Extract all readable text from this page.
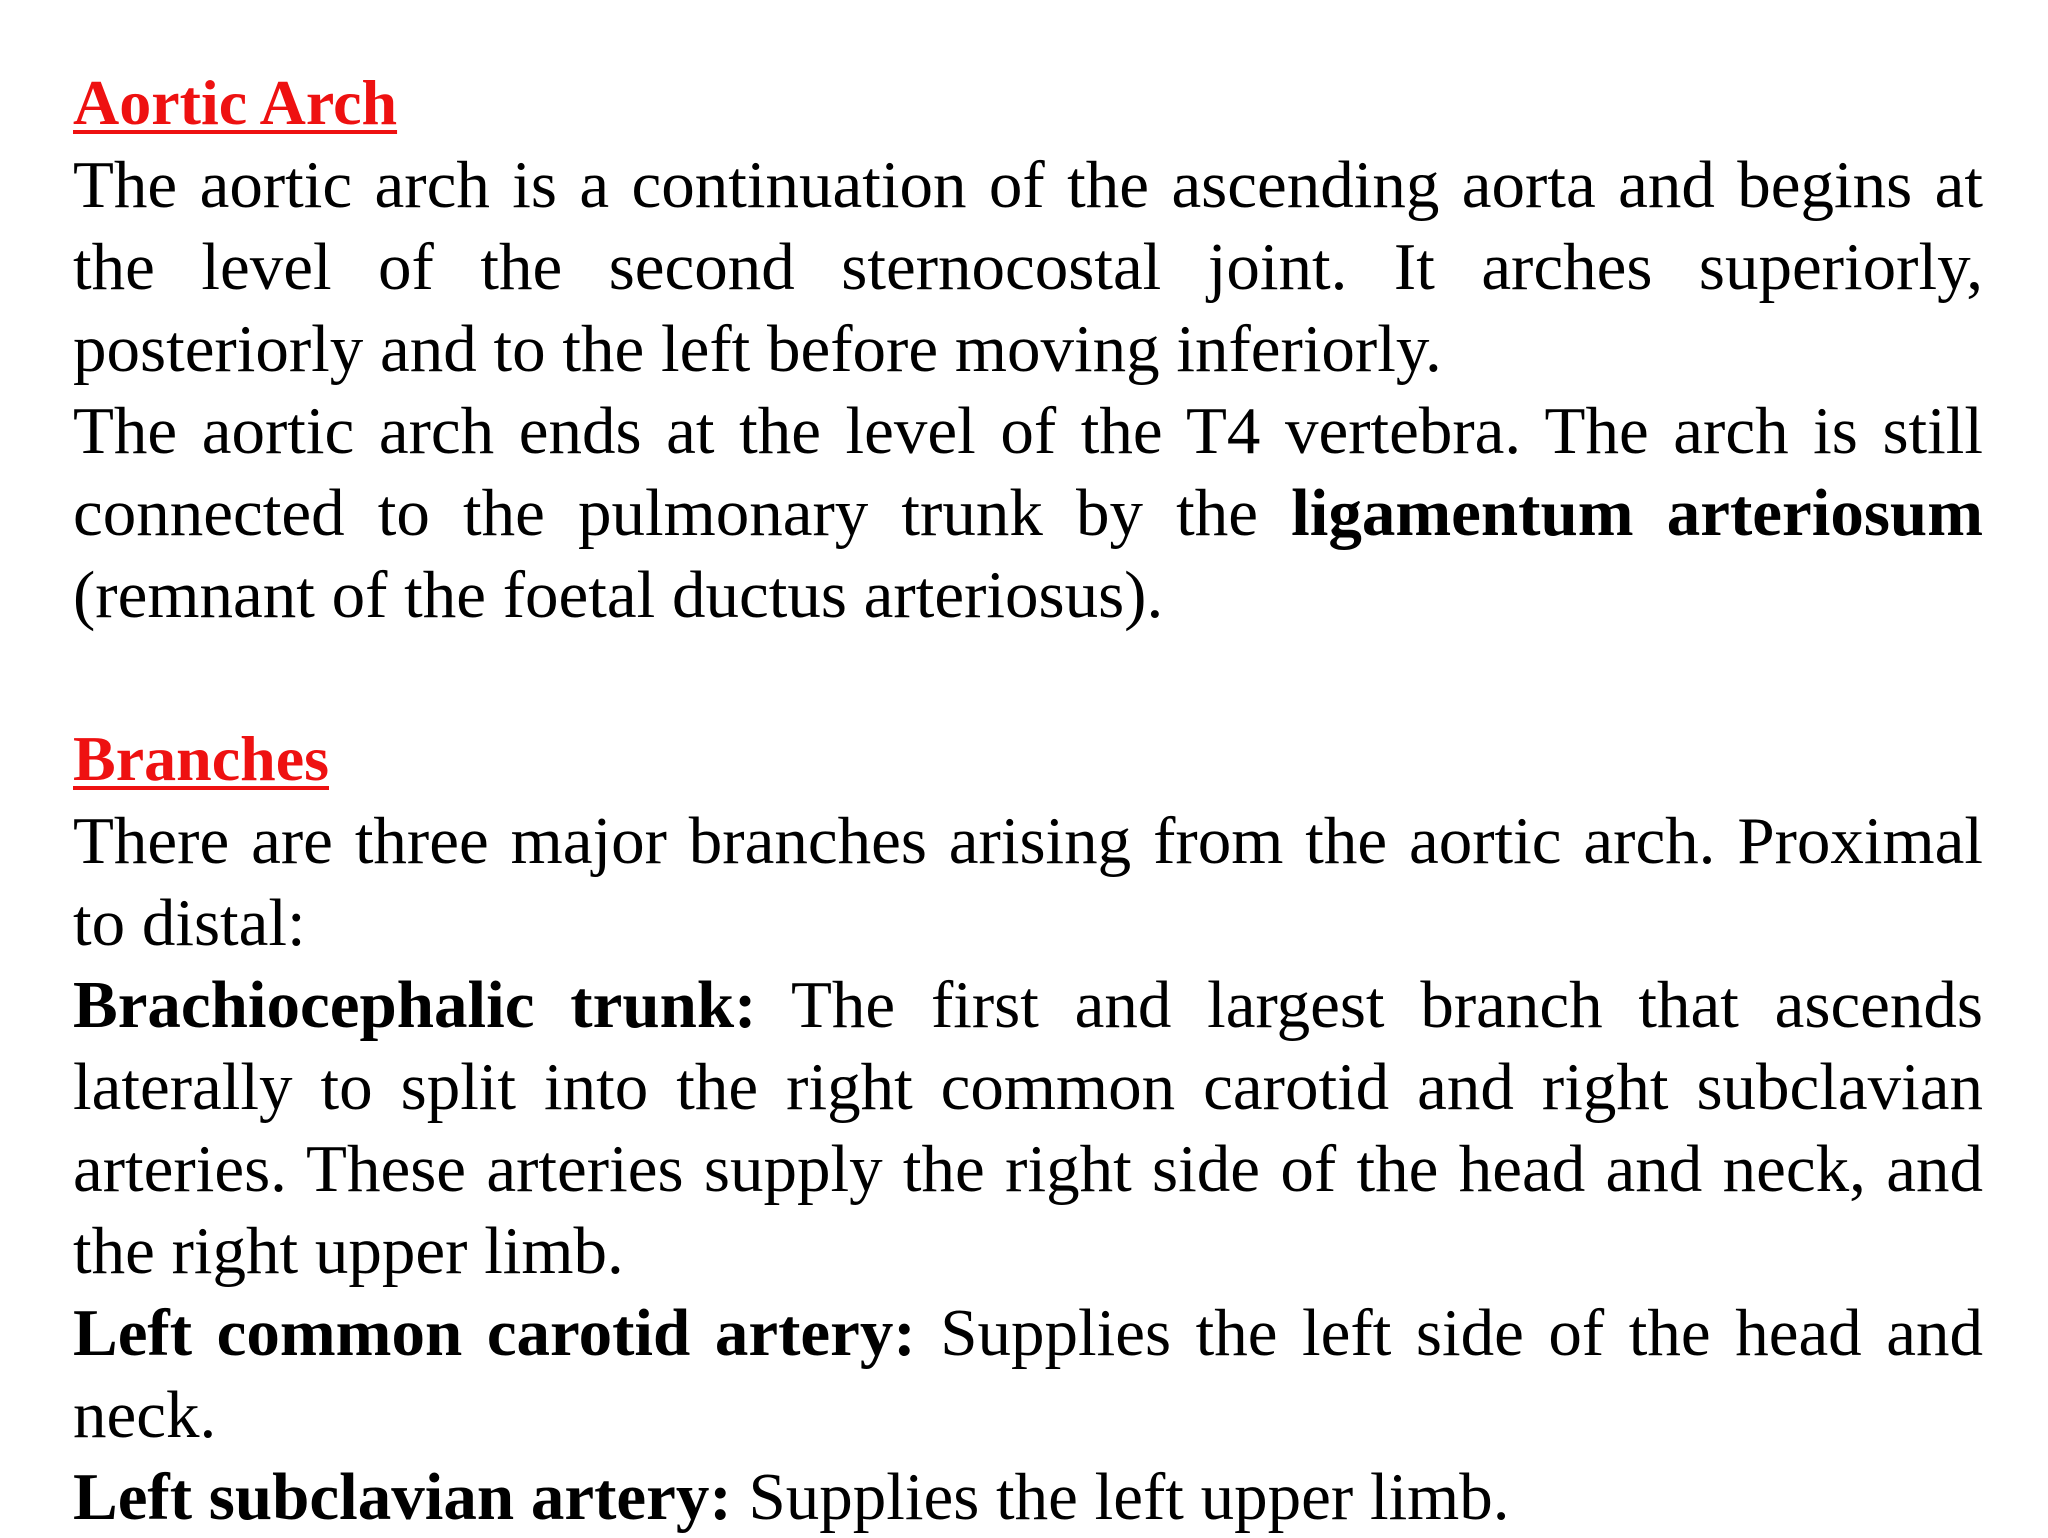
Aortic Arch

The aortic arch is a continuation of the ascending aorta and begins at the level of the second sternocostal joint. It arches superiorly, posteriorly and to the left before moving inferiorly.

The aortic arch ends at the level of the T4 vertebra. The arch is still connected to the pulmonary trunk by the ligamentum arteriosum (remnant of the foetal ductus arteriosus).

Branches

There are three major branches arising from the aortic arch. Proximal to distal:

Brachiocephalic trunk: The first and largest branch that ascends laterally to split into the right common carotid and right subclavian arteries. These arteries supply the right side of the head and neck, and the right upper limb.

Left common carotid artery: Supplies the left side of the head and neck.

Left subclavian artery: Supplies the left upper limb.
